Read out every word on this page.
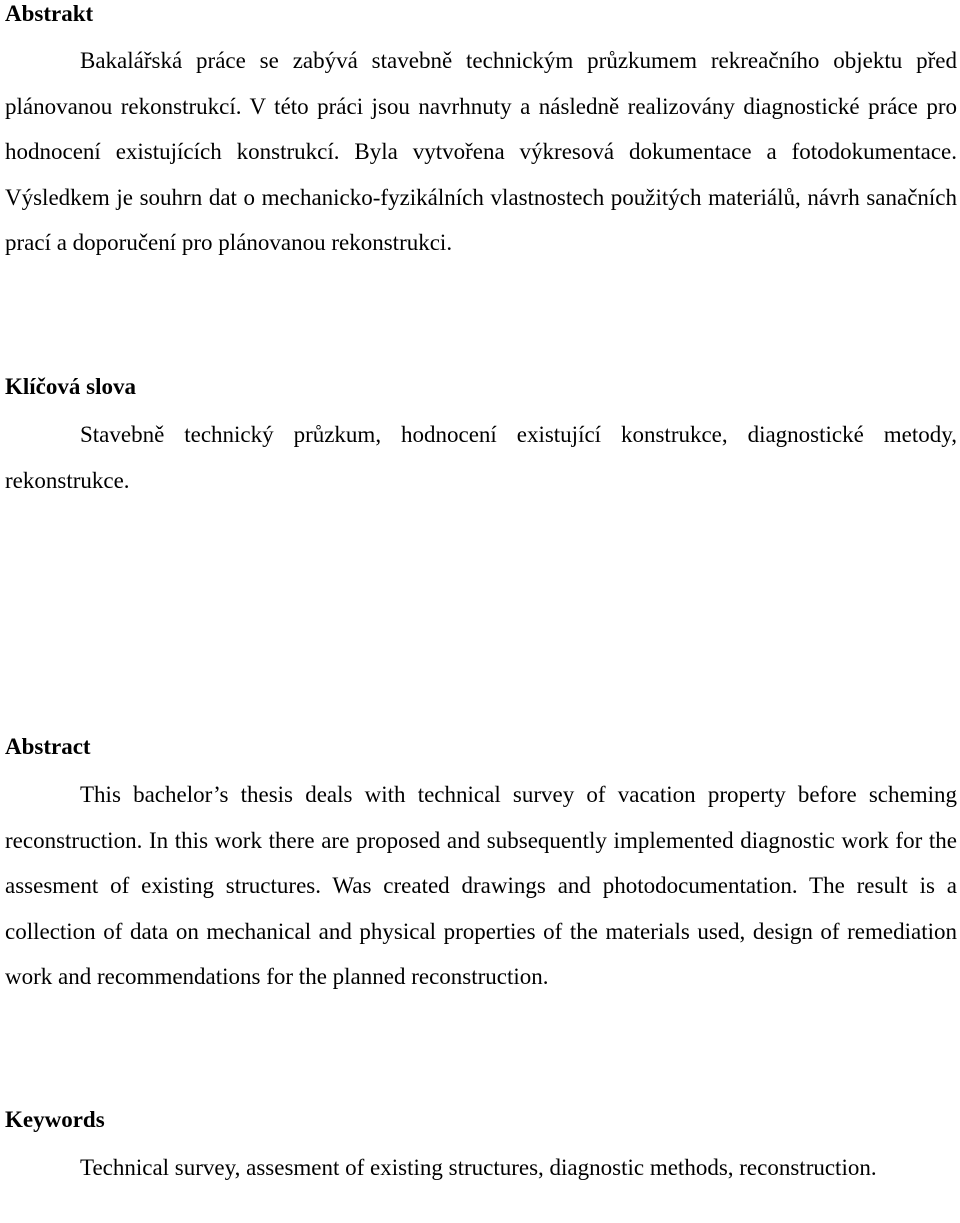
Abstrakt

Bakalářská práce se zabývá stavebně technickým průzkumem rekreačního objektu před plánovanou rekonstrukcí. V této práci jsou navrhnuty a následně realizovány diagnostické práce pro hodnocení existujících konstrukcí. Byla vytvořena výkresová dokumentace a fotodokumentace. Výsledkem je souhrn dat o mechanicko-fyzikálních vlastnostech použitých materiálů, návrh sanačních prací a doporučení pro plánovanou rekonstrukci.

Klíčová slova

Stavebně technický průzkum, hodnocení existující konstrukce, diagnostické metody, rekonstrukce.

Abstract

This bachelor’s thesis deals with technical survey of vacation property before scheming reconstruction. In this work there are proposed and subsequently implemented diagnostic work for the assesment of existing structures. Was created drawings and photodocumentation. The result is a collection of data on mechanical and physical properties of the materials used, design of remediation work and recommendations for the planned reconstruction.

Keywords

Technical survey, assesment of existing structures, diagnostic methods, reconstruction.
